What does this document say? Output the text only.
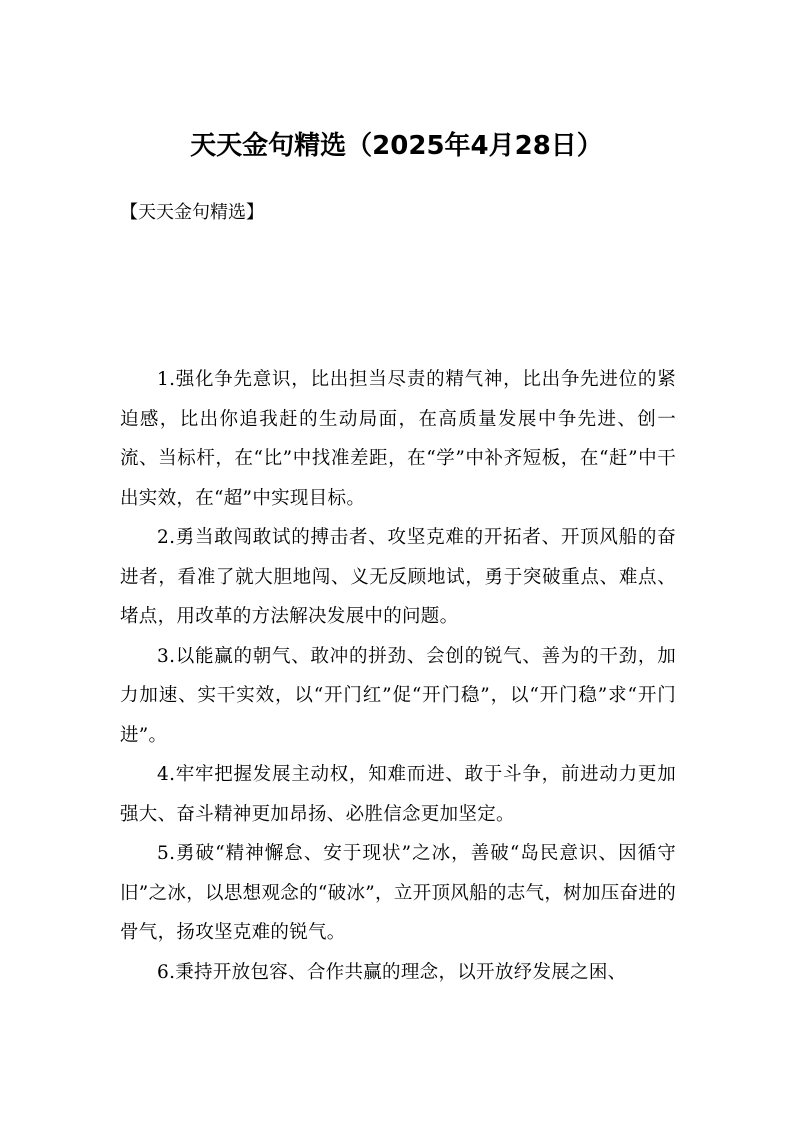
天天金句精选（2025年4月28日）

【天天金句精选】

1.强化争先意识，比出担当尽责的精气神，比出争先进位的紧迫感，比出你追我赶的生动局面，在高质量发展中争先进、创一流、当标杆，在“比”中找准差距，在“学”中补齐短板，在“赶”中干出实效，在“超”中实现目标。

2.勇当敢闯敢试的搏击者、攻坚克难的开拓者、开顶风船的奋进者，看准了就大胆地闯、义无反顾地试，勇于突破重点、难点、堵点，用改革的方法解决发展中的问题。

3.以能赢的朝气、敢冲的拼劲、会创的锐气、善为的干劲，加力加速、实干实效，以“开门红”促“开门稳”，以“开门稳”求“开门进”。

4.牢牢把握发展主动权，知难而进、敢于斗争，前进动力更加强大、奋斗精神更加昂扬、必胜信念更加坚定。

5.勇破“精神懈怠、安于现状”之冰，善破“岛民意识、因循守旧”之冰，以思想观念的“破冰”，立开顶风船的志气，树加压奋进的骨气，扬攻坚克难的锐气。

6.秉持开放包容、合作共赢的理念，以开放纾发展之困、
